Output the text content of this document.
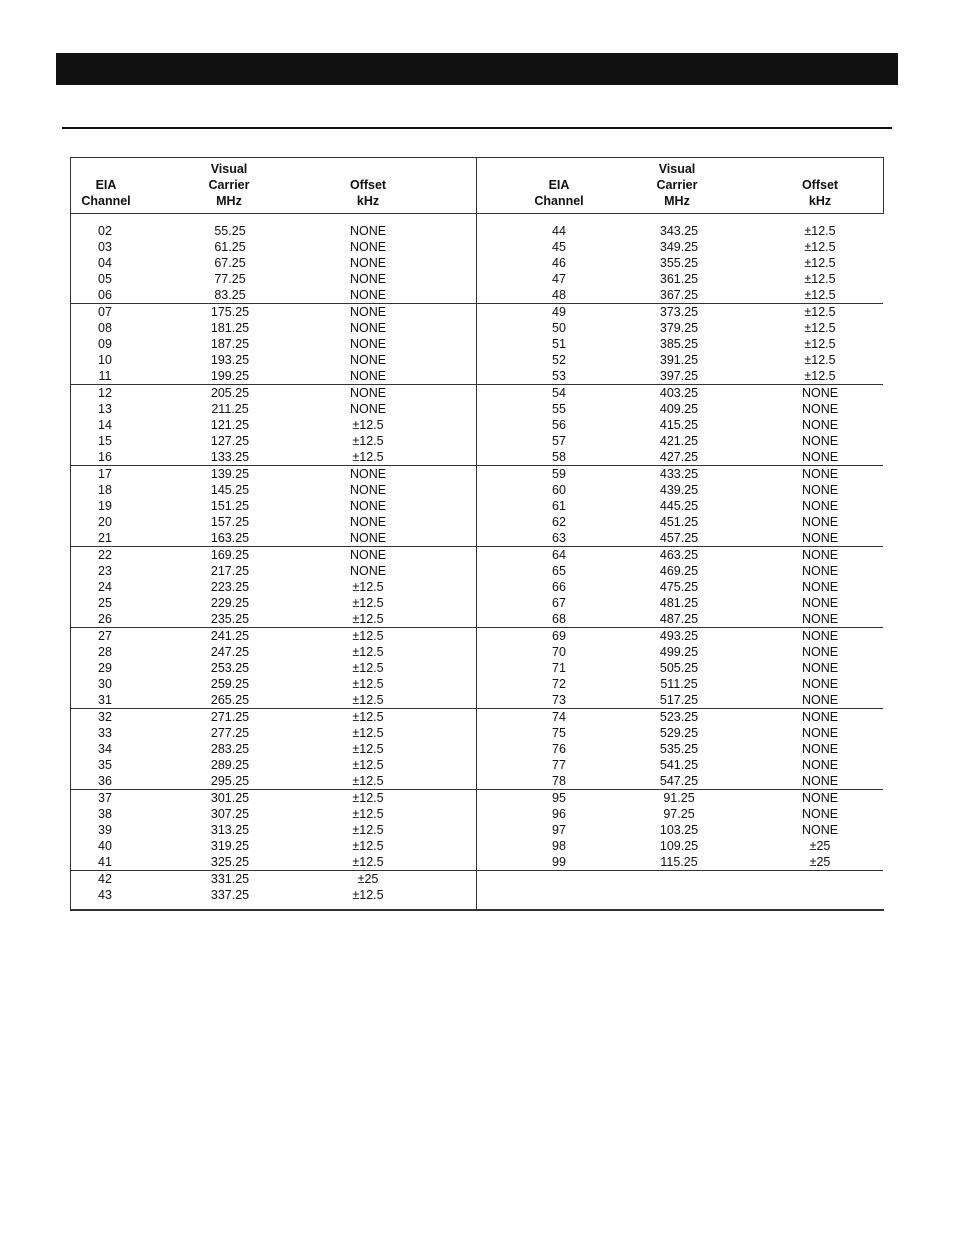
EIA
Channel
Visual
Carrier
MHz
Offset
kHz
EIA
Channel
Visual
Carrier
MHz
Offset
kHz
02	55.25	NONE
03	61.25	NONE
04	67.25	NONE
05	77.25	NONE
06	83.25	NONE
07	175.25	NONE
08	181.25	NONE
09	187.25	NONE
10	193.25	NONE
11	199.25	NONE
12	205.25	NONE
13	211.25	NONE
14	121.25	±12.5
15	127.25	±12.5
16	133.25	±12.5
17	139.25	NONE
18	145.25	NONE
19	151.25	NONE
20	157.25	NONE
21	163.25	NONE
22	169.25	NONE
23	217.25	NONE
24	223.25	±12.5
25	229.25	±12.5
26	235.25	±12.5
27	241.25	±12.5
28	247.25	±12.5
29	253.25	±12.5
30	259.25	±12.5
31	265.25	±12.5
32	271.25	±12.5
33	277.25	±12.5
34	283.25	±12.5
35	289.25	±12.5
36	295.25	±12.5
37	301.25	±12.5
38	307.25	±12.5
39	313.25	±12.5
40	319.25	±12.5
41	325.25	±12.5
42	331.25	±25
43	337.25	±12.5
44	343.25	±12.5
45	349.25	±12.5
46	355.25	±12.5
47	361.25	±12.5
48	367.25	±12.5
49	373.25	±12.5
50	379.25	±12.5
51	385.25	±12.5
52	391.25	±12.5
53	397.25	±12.5
54	403.25	NONE
55	409.25	NONE
56	415.25	NONE
57	421.25	NONE
58	427.25	NONE
59	433.25	NONE
60	439.25	NONE
61	445.25	NONE
62	451.25	NONE
63	457.25	NONE
64	463.25	NONE
65	469.25	NONE
66	475.25	NONE
67	481.25	NONE
68	487.25	NONE
69	493.25	NONE
70	499.25	NONE
71	505.25	NONE
72	511.25	NONE
73	517.25	NONE
74	523.25	NONE
75	529.25	NONE
76	535.25	NONE
77	541.25	NONE
78	547.25	NONE
95	91.25	NONE
96	97.25	NONE
97	103.25	NONE
98	109.25	±25
99	115.25	±25
